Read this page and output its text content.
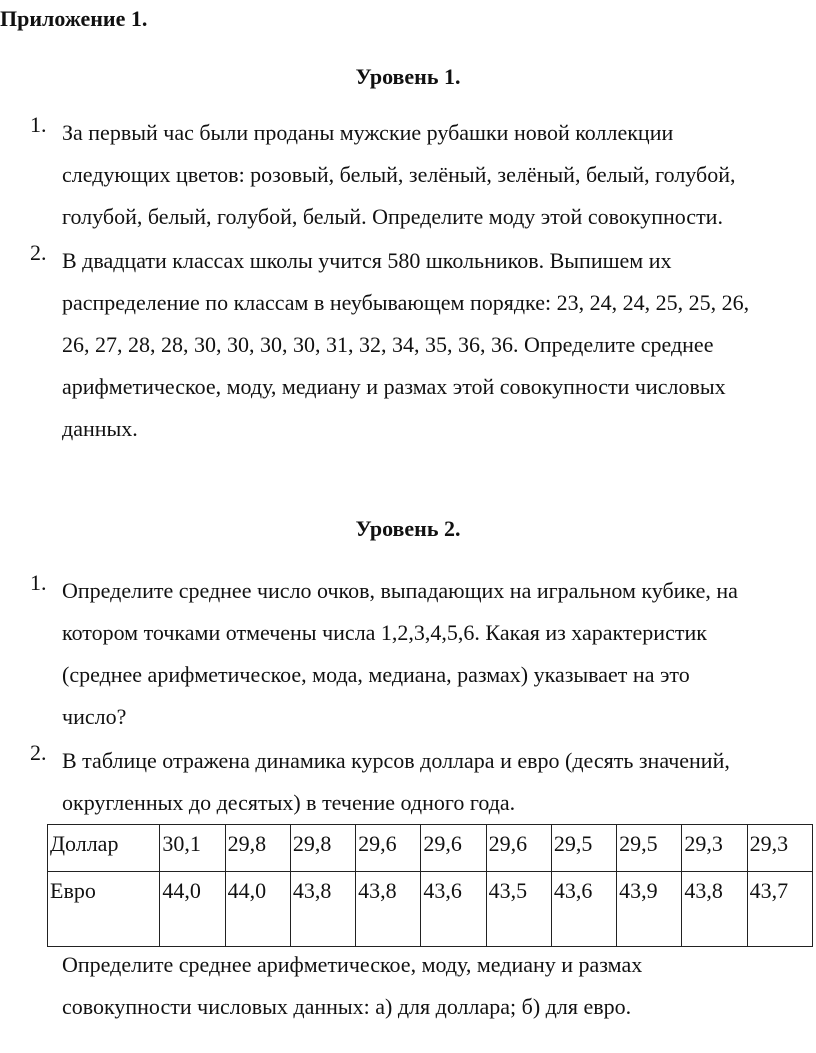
Приложение 1.
Уровень 1.
1. За первый час были проданы мужские рубашки новой коллекции
следующих цветов: розовый, белый, зелёный, зелёный, белый, голубой,
голубой, белый, голубой, белый. Определите моду этой совокупности.
2. В двадцати классах школы учится 580 школьников. Выпишем их
распределение по классам в неубывающем порядке: 23, 24, 24, 25, 25, 26,
26, 27, 28, 28, 30, 30, 30, 30, 31, 32, 34, 35, 36, 36. Определите среднее
арифметическое, моду, медиану и размах этой совокупности числовых
данных.
Уровень 2.
1. Определите среднее число очков, выпадающих на игральном кубике, на
котором точками отмечены числа 1,2,3,4,5,6. Какая из характеристик
(среднее арифметическое, мода, медиана, размах) указывает на это
число?
2. В таблице отражена динамика курсов доллара и евро (десять значений,
округленных до десятых) в течение одного года.
Доллар	30,1	29,8	29,8	29,6	29,6	29,6	29,5	29,5	29,3	29,3
Евро	44,0	44,0	43,8	43,8	43,6	43,5	43,6	43,9	43,8	43,7
Определите среднее арифметическое, моду, медиану и размах
совокупности числовых данных: а) для доллара; б) для евро.
